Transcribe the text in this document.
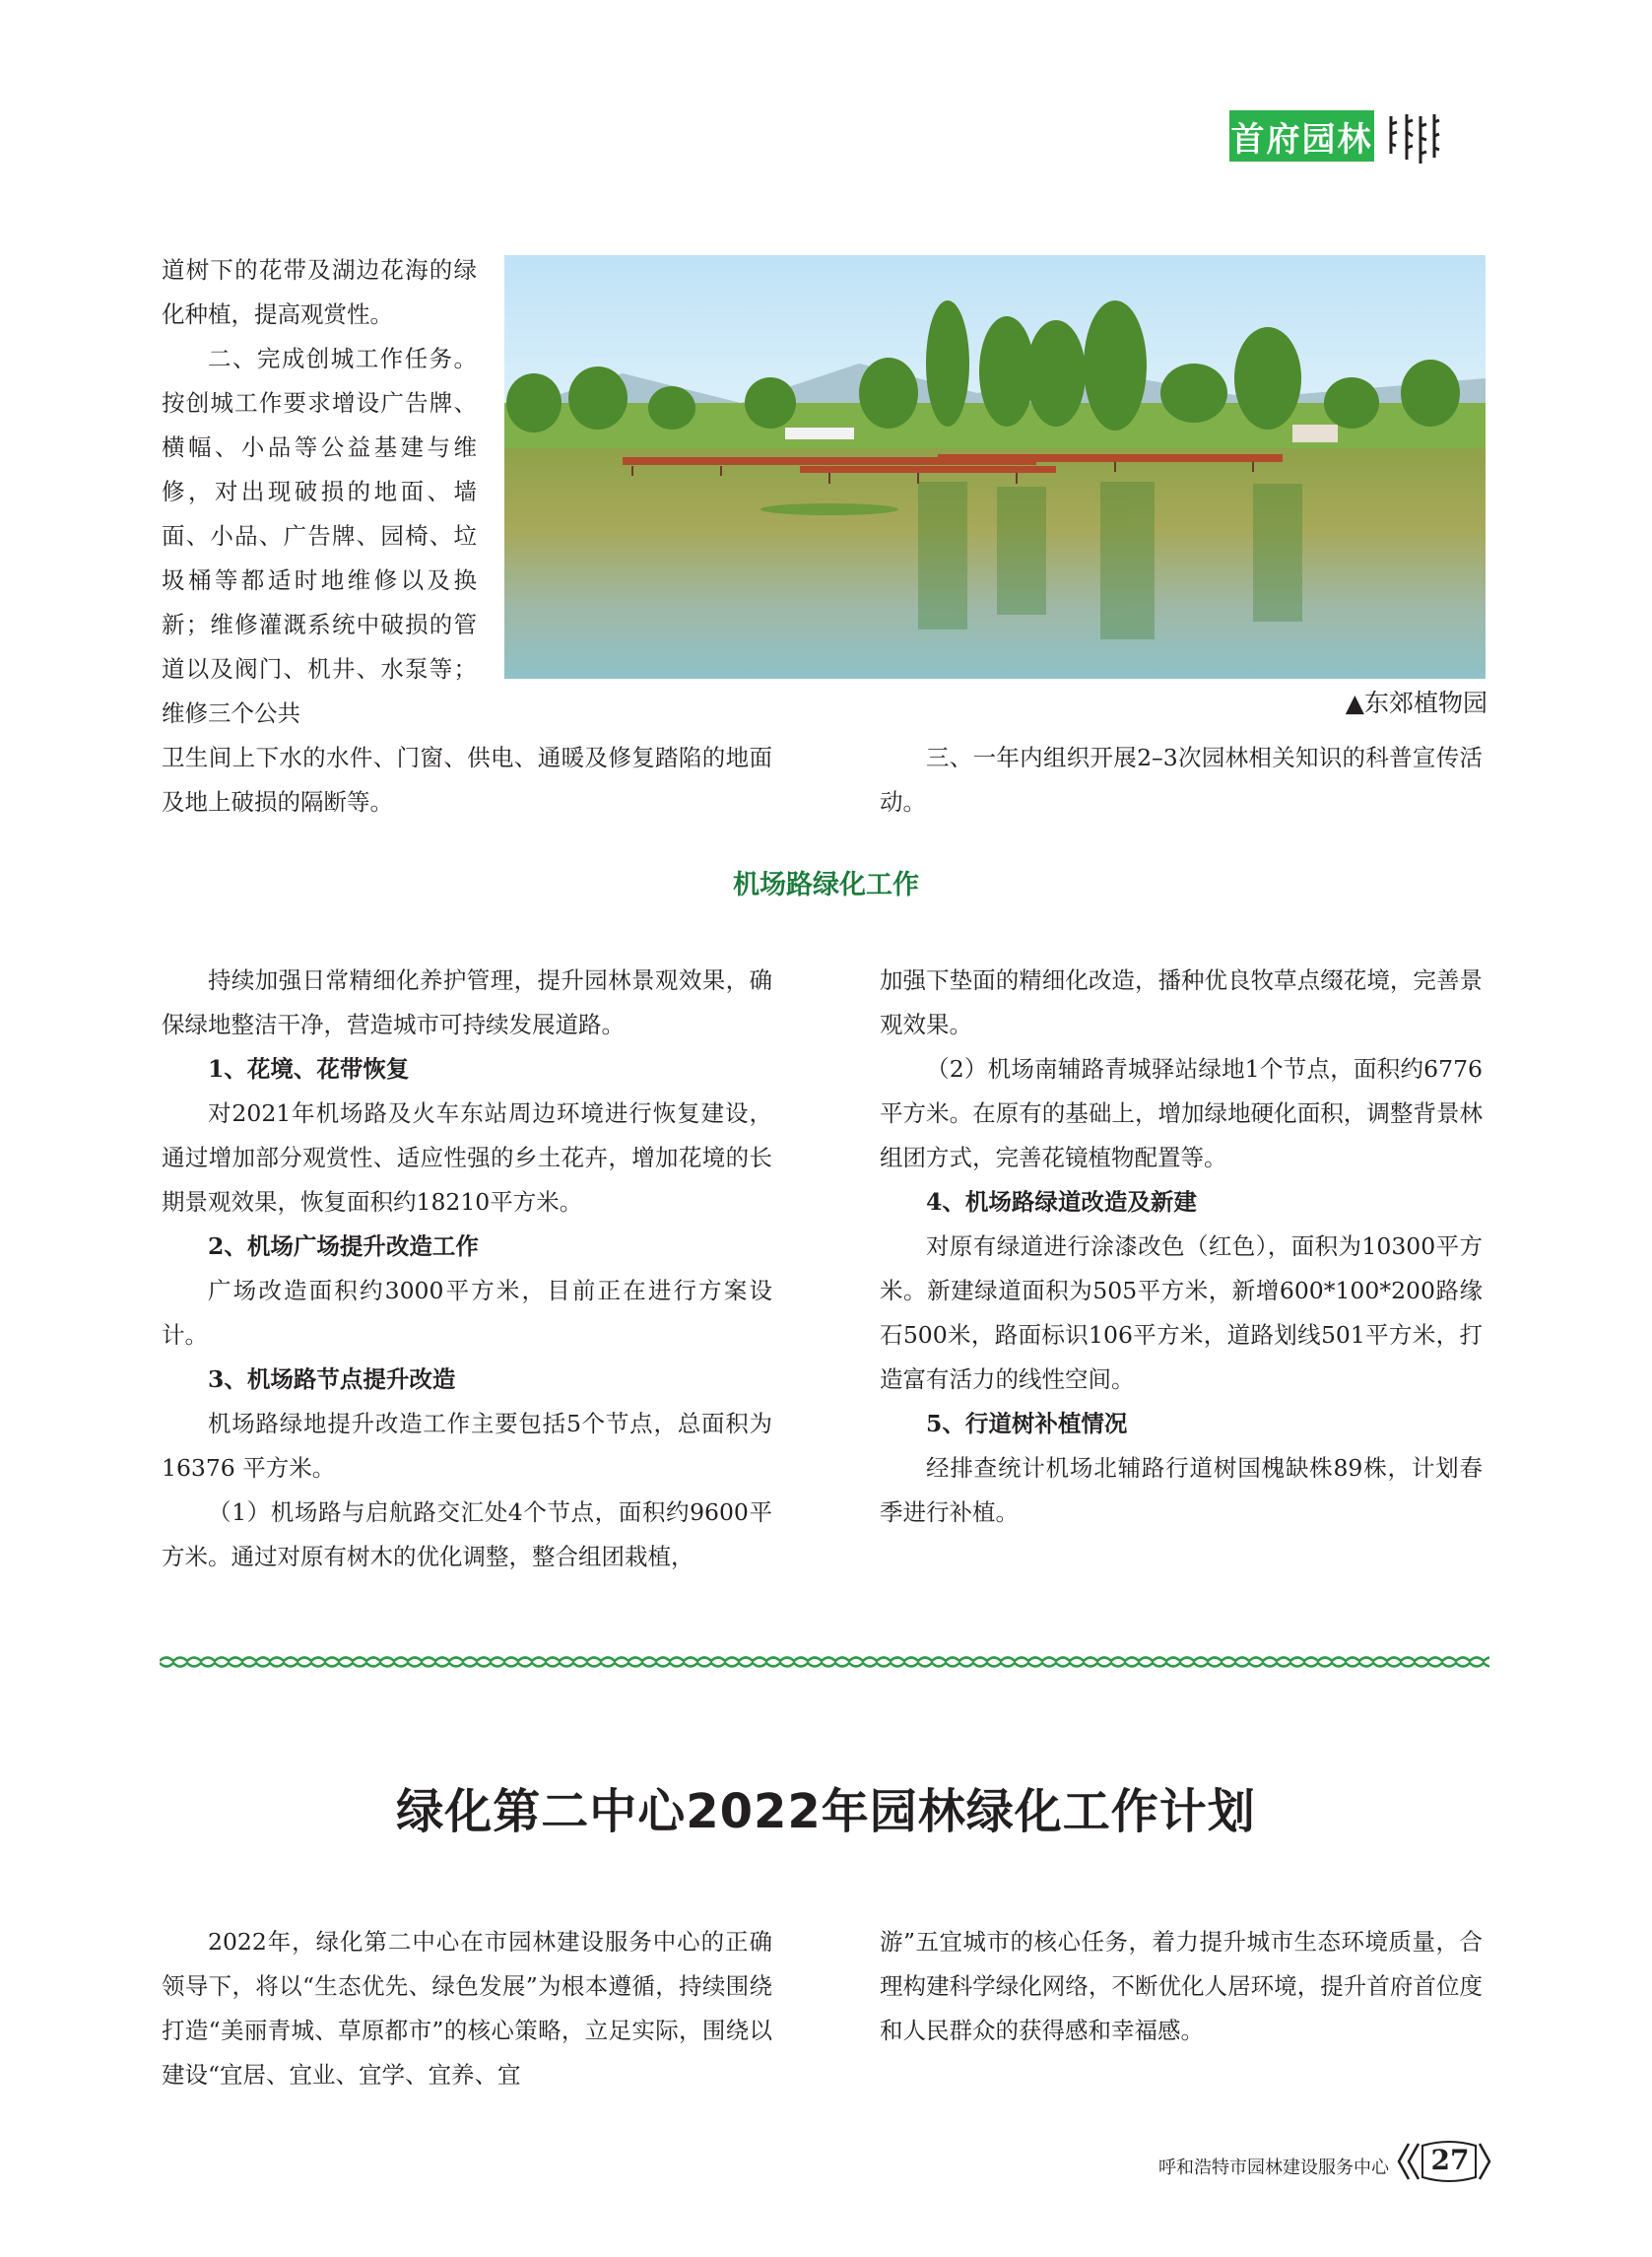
首府园林

道树下的花带及湖边花海的绿化种植，提高观赏性。

二、完成创城工作任务。按创城工作要求增设广告牌、横幅、小品等公益基建与维修，对出现破损的地面、墙面、小品、广告牌、园椅、垃圾桶等都适时地维修以及换新；维修灌溉系统中破损的管道以及阀门、机井、水泵等；维修三个公共	▲东郊植物园

卫生间上下水的水件、门窗、供电、通暖及修复踏陷的地面及地上破损的隔断等。

三、一年内组织开展2–3次园林相关知识的科普宣传活动。

机场路绿化工作

持续加强日常精细化养护管理，提升园林景观效果，确保绿地整洁干净，营造城市可持续发展道路。

1、花境、花带恢复

对2021年机场路及火车东站周边环境进行恢复建设，通过增加部分观赏性、适应性强的乡土花卉，增加花境的长期景观效果，恢复面积约18210平方米。

2、机场广场提升改造工作

广场改造面积约3000平方米，目前正在进行方案设计。

3、机场路节点提升改造

机场路绿地提升改造工作主要包括5个节点，总面积为16376 平方米。

（1）机场路与启航路交汇处4个节点，面积约9600平方米。通过对原有树木的优化调整，整合组团栽植，

加强下垫面的精细化改造，播种优良牧草点缀花境，完善景观效果。

（2）机场南辅路青城驿站绿地1个节点，面积约6776平方米。在原有的基础上，增加绿地硬化面积，调整背景林组团方式，完善花镜植物配置等。

4、机场路绿道改造及新建

对原有绿道进行涂漆改色（红色），面积为10300平方米。新建绿道面积为505平方米，新增600*100*200路缘石500米，路面标识106平方米，道路划线501平方米，打造富有活力的线性空间。

5、行道树补植情况

经排查统计机场北辅路行道树国槐缺株89株，计划春季进行补植。

绿化第二中心2022年园林绿化工作计划

2022年，绿化第二中心在市园林建设服务中心的正确领导下，将以“生态优先、绿色发展”为根本遵循，持续围绕打造“美丽青城、草原都市”的核心策略，立足实际，围绕以建设“宜居、宜业、宜学、宜养、宜

游”五宜城市的核心任务，着力提升城市生态环境质量，合理构建科学绿化网络，不断优化人居环境，提升首府首位度和人民群众的获得感和幸福感。

呼和浩特市园林建设服务中心 27
